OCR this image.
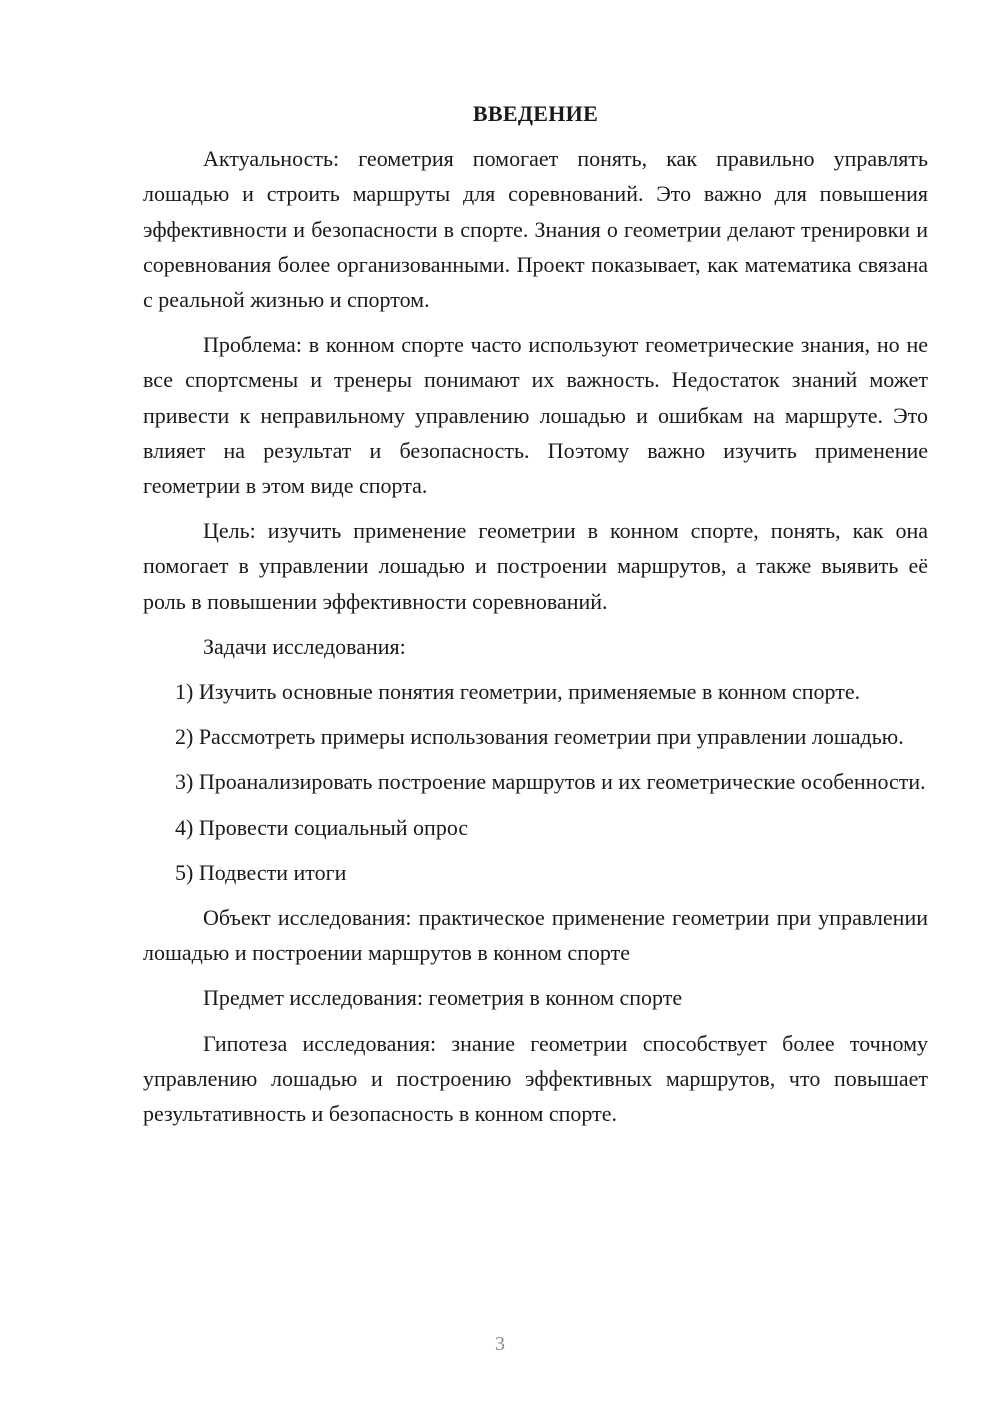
ВВЕДЕНИЕ

Актуальность: геометрия помогает понять, как правильно управлять лошадью и строить маршруты для соревнований. Это важно для повышения эффективности и безопасности в спорте. Знания о геометрии делают тренировки и соревнования более организованными. Проект показывает, как математика связана с реальной жизнью и спортом.

Проблема: в конном спорте часто используют геометрические знания, но не все спортсмены и тренеры понимают их важность. Недостаток знаний может привести к неправильному управлению лошадью и ошибкам на маршруте. Это влияет на результат и безопасность. Поэтому важно изучить применение геометрии в этом виде спорта.

Цель: изучить применение геометрии в конном спорте, понять, как она помогает в управлении лошадью и построении маршрутов, а также выявить её роль в повышении эффективности соревнований.

Задачи исследования:

1) Изучить основные понятия геометрии, применяемые в конном спорте.

2) Рассмотреть примеры использования геометрии при управлении лошадью.

3) Проанализировать построение маршрутов и их геометрические особенности.

4) Провести социальный опрос

5) Подвести итоги

Объект исследования: практическое применение геометрии при управлении лошадью и построении маршрутов в конном спорте

Предмет исследования: геометрия в конном спорте

Гипотеза исследования: знание геометрии способствует более точному управлению лошадью и построению эффективных маршрутов, что повышает результативность и безопасность в конном спорте.

3
